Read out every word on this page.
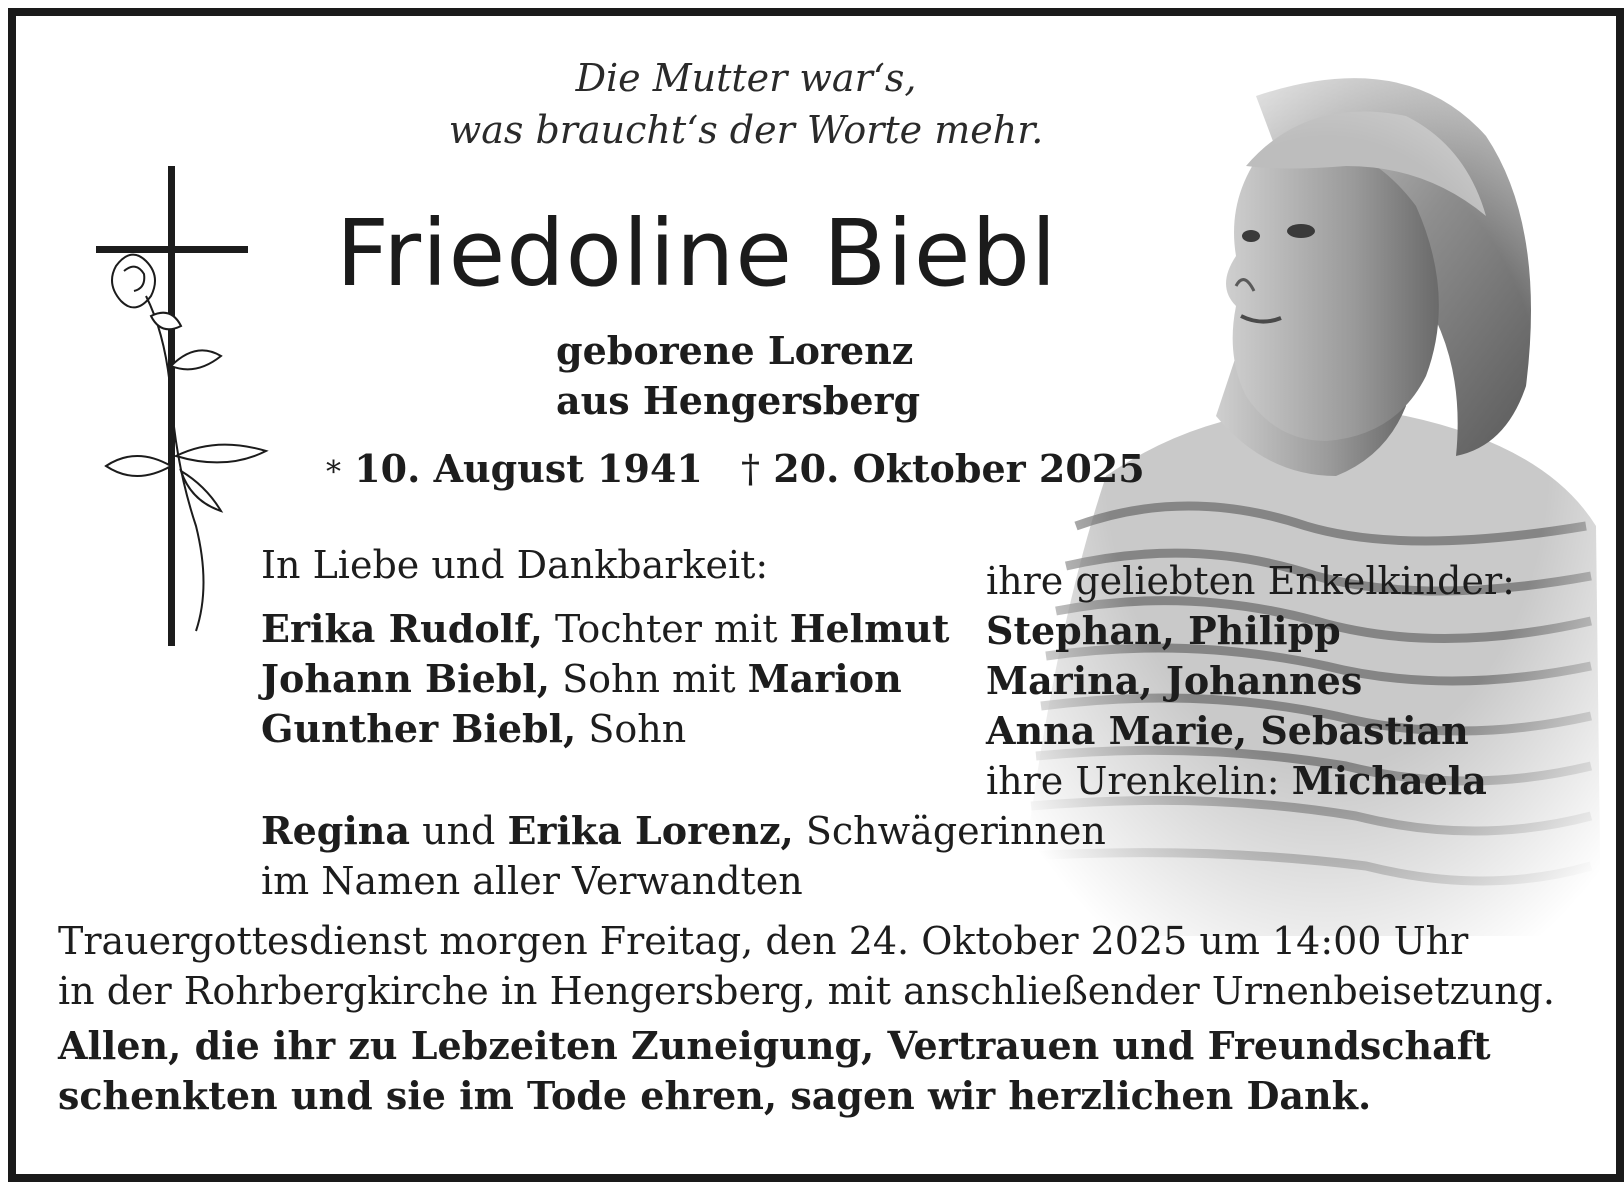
Die Mutter war‘s,
was braucht‘s der Worte mehr.
Friedoline Biebl
geborene Lorenz
aus Hengersberg
* 10. August 1941 † 20. Oktober 2025
In Liebe und Dankbarkeit:
Erika Rudolf, Tochter mit Helmut
Johann Biebl, Sohn mit Marion
Gunther Biebl, Sohn
ihre geliebten Enkelkinder:
Stephan, Philipp
Marina, Johannes
Anna Marie, Sebastian
ihre Urenkelin: Michaela
Regina und Erika Lorenz, Schwägerinnen
im Namen aller Verwandten
Trauergottesdienst morgen Freitag, den 24. Oktober 2025 um 14:00 Uhr
in der Rohrbergkirche in Hengersberg, mit anschließender Urnenbeisetzung.
Allen, die ihr zu Lebzeiten Zuneigung, Vertrauen und Freundschaft
schenkten und sie im Tode ehren, sagen wir herzlichen Dank.
